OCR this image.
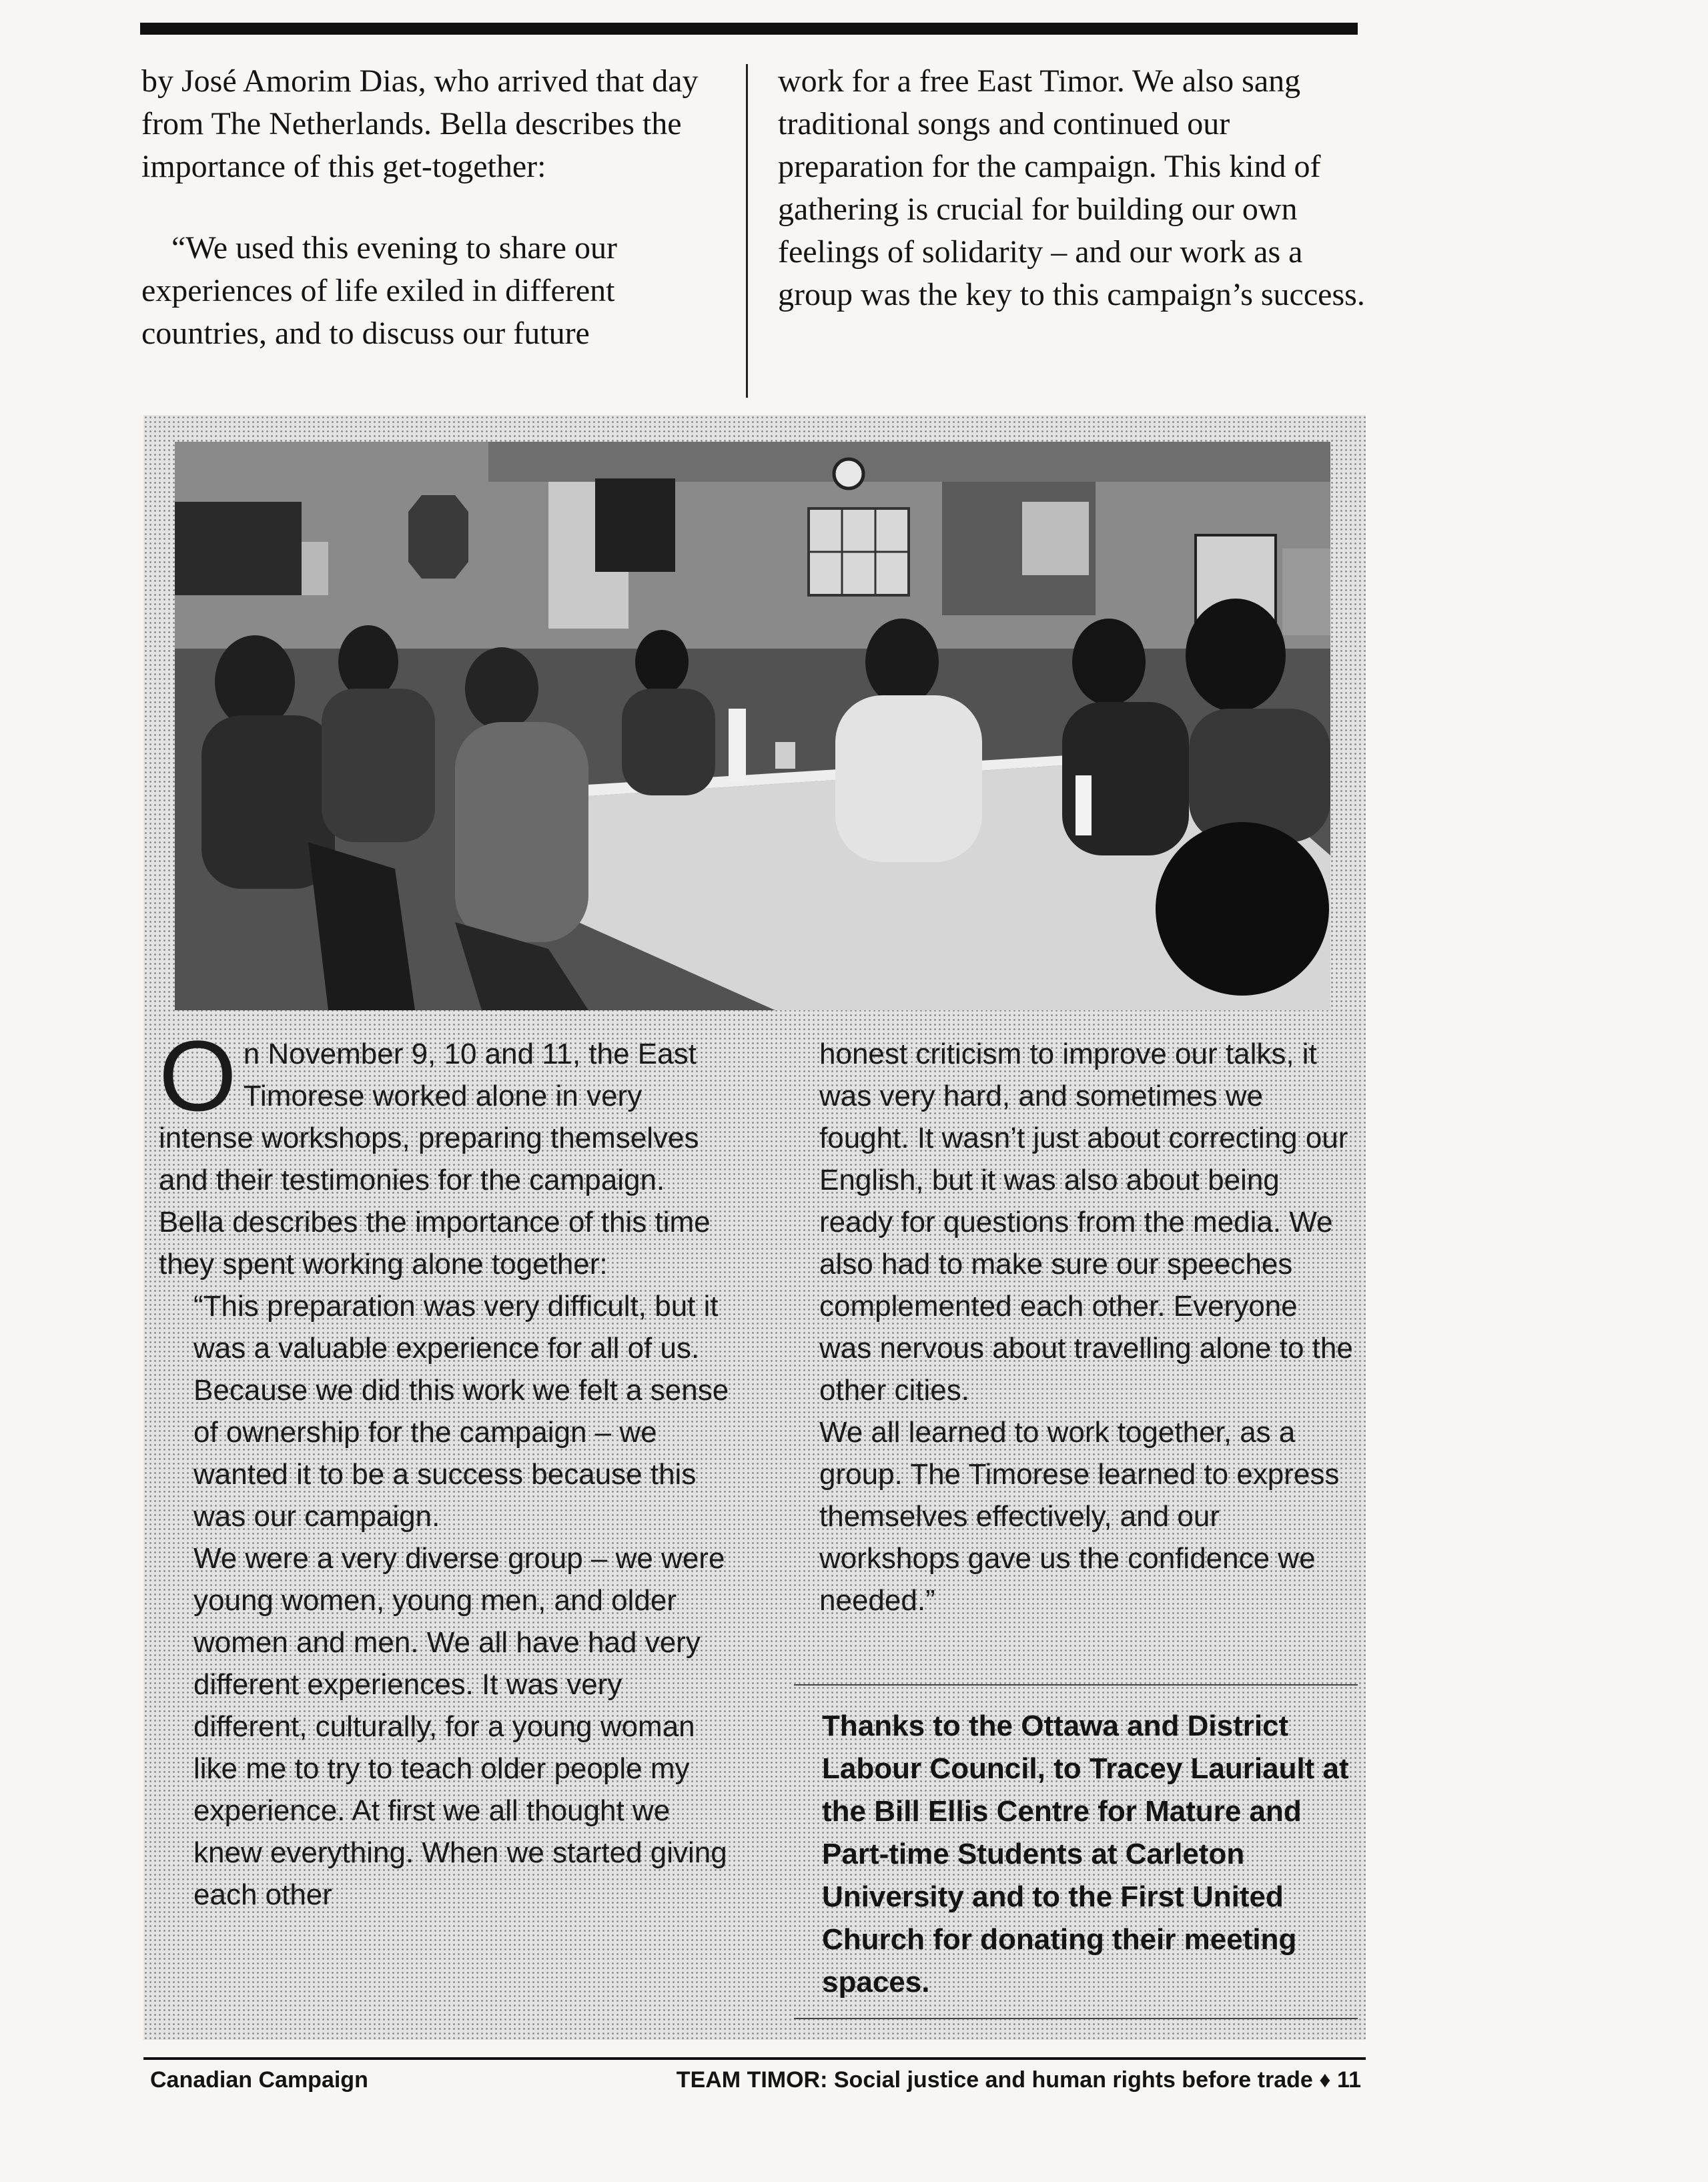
by José Amorim Dias, who arrived that day from The Netherlands. Bella describes the importance of this get-together:

“We used this evening to share our experiences of life exiled in different countries, and to discuss our future

work for a free East Timor. We also sang traditional songs and continued our preparation for the campaign. This kind of gathering is crucial for building our own feelings of solidarity – and our work as a group was the key to this campaign’s success.

O n November 9, 10 and 11, the East Timorese worked alone in very intense workshops, preparing themselves and their testimonies for the campaign. Bella describes the importance of this time they spent working alone together:

“This preparation was very difficult, but it was a valuable experience for all of us. Because we did this work we felt a sense of ownership for the campaign – we wanted it to be a success because this was our campaign.

We were a very diverse group – we were young women, young men, and older women and men. We all have had very different experiences. It was very different, culturally, for a young woman like me to try to teach older people my experience. At first we all thought we knew everything. When we started giving each other

honest criticism to improve our talks, it was very hard, and sometimes we fought. It wasn’t just about correcting our English, but it was also about being ready for questions from the media. We also had to make sure our speeches complemented each other. Everyone was nervous about travelling alone to the other cities.

We all learned to work together, as a group. The Timorese learned to express themselves effectively, and our workshops gave us the confidence we needed.”

Thanks to the Ottawa and District Labour Council, to Tracey Lauriault at the Bill Ellis Centre for Mature and Part-time Students at Carleton University and to the First United Church for donating their meeting spaces.
Canadian Campaign	TEAM TIMOR: Social justice and human rights before trade ♦ 11
